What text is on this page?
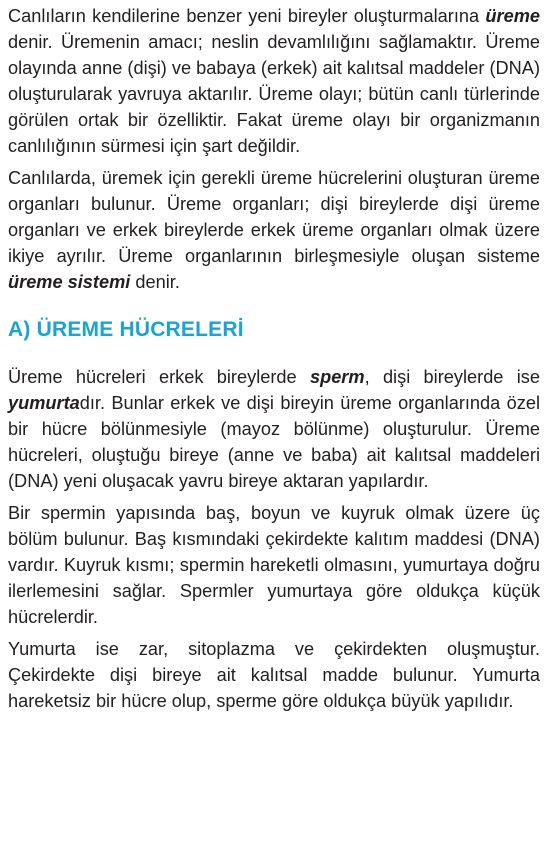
Canlıların kendilerine benzer yeni bireyler oluşturmalarına üreme denir. Üremenin amacı; neslin devamlılığını sağlamaktır. Üreme olayında anne (dişi) ve babaya (erkek) ait kalıtsal maddeler (DNA) oluşturularak yavruya aktarılır. Üreme olayı; bütün canlı türlerinde görülen ortak bir özelliktir. Fakat üreme olayı bir organizmanın canlılığının sürmesi için şart değildir.

Canlılarda, üremek için gerekli üreme hücrelerini oluşturan üreme organları bulunur. Üreme organları; dişi bireylerde dişi üreme organları ve erkek bireylerde erkek üreme organları olmak üzere ikiye ayrılır. Üreme organlarının birleşmesiyle oluşan sisteme üreme sistemi denir.

A) ÜREME HÜCRELERİ

Üreme hücreleri erkek bireylerde sperm, dişi bireylerde ise yumurtadır. Bunlar erkek ve dişi bireyin üreme organlarında özel bir hücre bölünmesiyle (mayoz bölünme) oluşturulur. Üreme hücreleri, oluştuğu bireye (anne ve baba) ait kalıtsal maddeleri (DNA) yeni oluşacak yavru bireye aktaran yapılardır.

Bir spermin yapısında baş, boyun ve kuyruk olmak üzere üç bölüm bulunur. Baş kısmındaki çekirdekte kalıtım maddesi (DNA) vardır. Kuyruk kısmı; spermin hareketli olmasını, yumurtaya doğru ilerlemesini sağlar. Spermler yumurtaya göre oldukça küçük hücrelerdir.

Yumurta ise zar, sitoplazma ve çekirdekten oluşmuştur. Çekirdekte dişi bireye ait kalıtsal madde bulunur. Yumurta hareketsiz bir hücre olup, sperme göre oldukça büyük yapılıdır.
